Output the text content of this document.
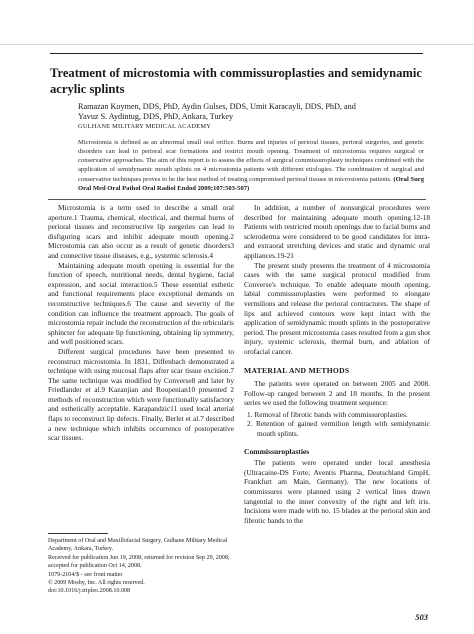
Treatment of microstomia with commissuroplasties and semidynamic acrylic splints
Ramazan Koymen, DDS, PhD, Aydin Gulses, DDS, Umit Karacayli, DDS, PhD, and
Yavuz S. Aydintug, DDS, PhD, Ankara, Turkey
GULHANE MILITARY MEDICAL ACADEMY
Microstomia is defined as an abnormal small oral orifice. Burns and injuries of perioral tissues, perioral surgeries, and genetic disorders can lead to perioral scar formations and restrict mouth opening. Treatment of microstomia requires surgical or conservative approaches. The aim of this report is to assess the effects of surgical commissuroplasty techniques combined with the application of semidynamic mouth splints on 4 microstomia patients with different etiologies. The combination of surgical and conservative techniques proves to be the best method of treating compromised perioral tissues in microstomia patients. (Oral Surg Oral Med Oral Pathol Oral Radiol Endod 2009;107:503-507)

Microstomia is a term used to describe a small oral aperture.1 Trauma, chemical, electrical, and thermal burns of perioral tissues and reconstructive lip surgeries can lead to disfiguring scars and inhibit adequate mouth opening.2 Microstomia can also occur as a result of genetic disorders3 and connective tissue diseases, e.g., systemic sclerosis.4

Maintaining adequate mouth opening is essential for the function of speech, nutritional needs, dental hygiene, facial expression, and social interaction.5 These essential esthetic and functional requirements place exceptional demands on reconstructive techniques.6 The cause and severity of the condition can influence the treatment approach. The goals of microstomia repair include the reconstruction of the orbicularis sphincter for adequate lip functioning, obtaining lip symmetry, and well positioned scars.

Different surgical procedures have been presented to reconstruct microstomia. In 1831, Diffenbach demonstrated a technique with using mucosal flaps after scar tissue excision.7 The same technique was modified by Converse8 and later by Friedlander et al.9 Kazanjian and Roopenian10 presented 2 methods of reconstruction which were functionally satisfactory and esthetically acceptable. Karapandzic11 used local arterial flaps to reconstruct lip defects. Finally, Berlet et al.7 described a new technique which inhibits occurrence of postoperative scar tissues.

Department of Oral and Maxillofacial Surgery, Gulhane Military Medical Academy, Ankara, Turkey.
Received for publication Jun 19, 2008; returned for revision Sep 29, 2008; accepted for publication Oct 14, 2008.
1079-2104/$ - see front matter
© 2009 Mosby, Inc. All rights reserved.
doi:10.1016/j.tripleo.2008.10.008

In addition, a number of nonsurgical procedures were described for maintaining adequate mouth opening.12-18 Patients with restricted mouth openings due to facial burns and scleroderma were considered to be good candidates for intra- and extraoral stretching devices and static and dynamic oral appliances.19-21

The present study presents the treatment of 4 microstomia cases with the same surgical protocol modified from Converse's technique. To enable adequate mouth opening, labial commissuroplasties were performed to elongate vermilions and release the perioral contractures. The shape of lips and achieved contours were kept intact with the application of semidynamic mouth splints in the postoperative period. The present microstomia cases resulted from a gun shot injury, systemic sclerosis, thermal burn, and ablation of orofacial cancer.

MATERIAL AND METHODS

The patients were operated on between 2005 and 2008. Follow-up ranged between 2 and 18 months. In the present series we used the following treatment sequence:

1. Removal of fibrotic bands with commissuroplasties.
2. Retention of gained vermilion length with semidynamic mouth splints.

Commissuroplasties

The patients were operated under local anesthesia (Ultracaine-DS Forte; Aventis Pharma, Deutschland GmpH, Frankfurt am Main, Germany). The new locations of commissures were planned using 2 vertical lines drawn tangential to the inner convexity of the right and left iris. Incisions were made with no. 15 blades at the perioral skin and fibrotic bands to the

503
